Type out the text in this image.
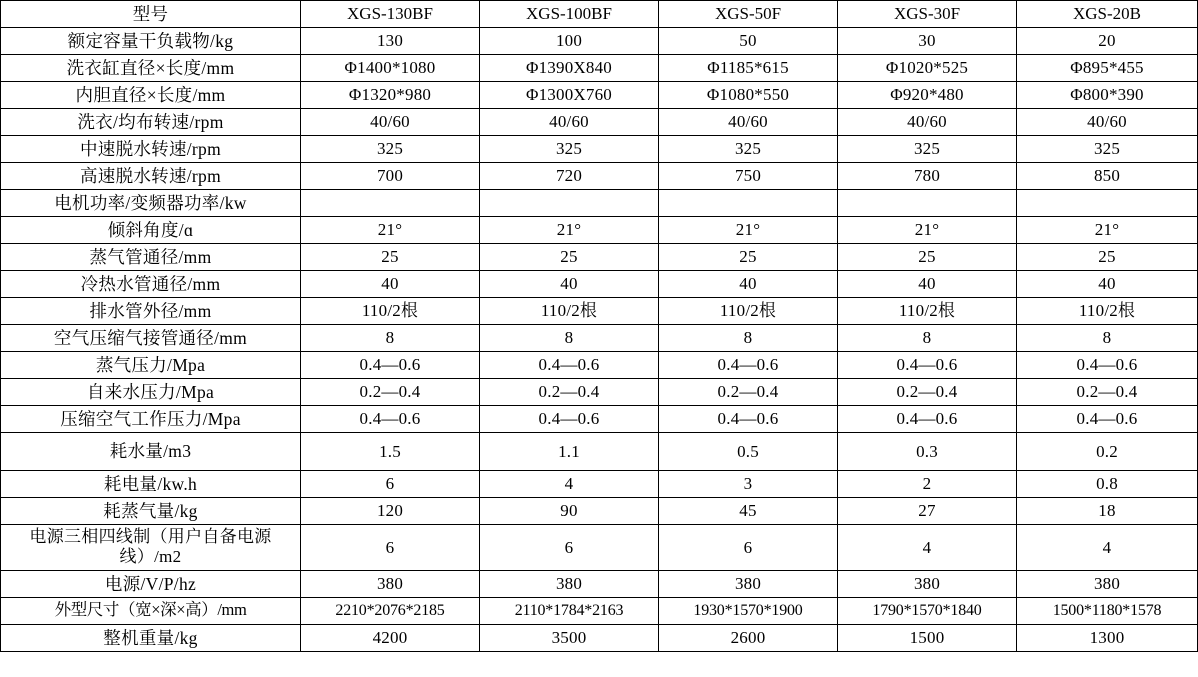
型号	XGS-130BF	XGS-100BF	XGS-50F	XGS-30F	XGS-20B
额定容量干负载物/kg	130	100	50	30	20
洗衣缸直径×长度/mm	Φ1400*1080	Φ1390X840	Φ1185*615	Φ1020*525	Φ895*455
内胆直径×长度/mm	Φ1320*980	Φ1300X760	Φ1080*550	Φ920*480	Φ800*390
洗衣/均布转速/rpm	40/60	40/60	40/60	40/60	40/60
中速脱水转速/rpm	325	325	325	325	325
高速脱水转速/rpm	700	720	750	780	850
电机功率/变频器功率/kw					
倾斜角度/ɑ	21°	21°	21°	21°	21°
蒸气管通径/mm	25	25	25	25	25
冷热水管通径/mm	40	40	40	40	40
排水管外径/mm	110/2根	110/2根	110/2根	110/2根	110/2根
空气压缩气接管通径/mm	8	8	8	8	8
蒸气压力/Mpa	0.4—0.6	0.4—0.6	0.4—0.6	0.4—0.6	0.4—0.6
自来水压力/Mpa	0.2—0.4	0.2—0.4	0.2—0.4	0.2—0.4	0.2—0.4
压缩空气工作压力/Mpa	0.4—0.6	0.4—0.6	0.4—0.6	0.4—0.6	0.4—0.6
耗水量/m3	1.5	1.1	0.5	0.3	0.2
耗电量/kw.h	6	4	3	2	0.8
耗蒸气量/kg	120	90	45	27	18
电源三相四线制（用户自备电源线）/m2	6	6	6	4	4
电源/V/P/hz	380	380	380	380	380
外型尺寸（宽×深×高）/mm	2210*2076*2185	2110*1784*2163	1930*1570*1900	1790*1570*1840	1500*1180*1578
整机重量/kg	4200	3500	2600	1500	1300
